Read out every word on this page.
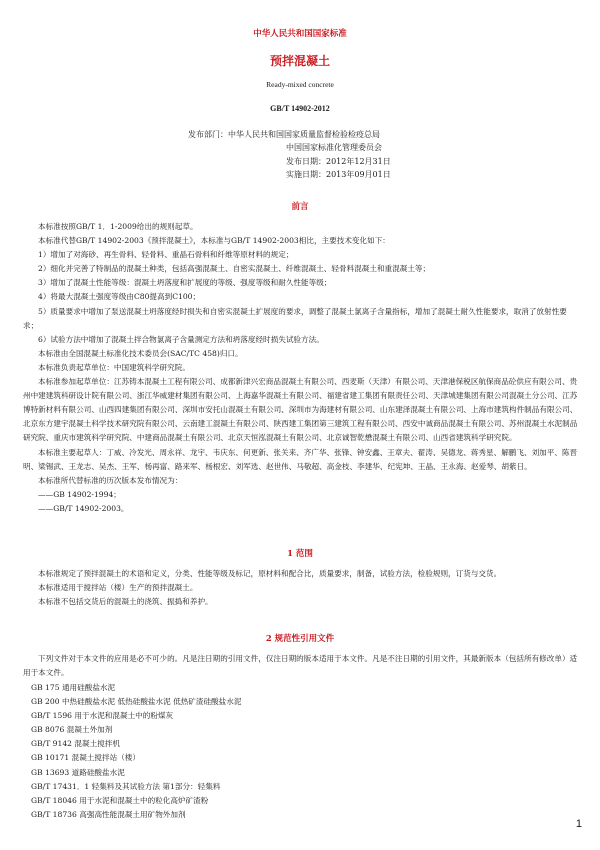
中华人民共和国国家标准
预拌混凝土
Ready-mixed concrete
GB/T 14902-2012
发布部门：中华人民共和国国家质量监督检验检疫总局
中国国家标准化管理委员会
发布日期：2012年12月31日
实施日期：2013年09月01日
前言

本标准按照GB/T 1．1-2009给出的规则起草。

本标准代替GB/T 14902-2003《预拌混凝土》，本标准与GB/T 14902-2003相比，主要技术变化如下：

1）增加了对海砂、再生骨料、轻骨料、重晶石骨料和纤维等原材料的规定；

2）细化并完善了特制品的混凝土种类，包括高强混凝土、自密实混凝土、纤维混凝土、轻骨料混凝土和重混凝土等；

3）增加了混凝土性能等级：混凝土坍落度和扩展度的等级、强度等级和耐久性能等级；

4）将最大混凝土强度等级由C80提高到C100；

5）质量要求中增加了泵送混凝土坍落度经时损失和自密实混凝土扩展度的要求，调整了混凝土氯离子含量指标，增加了混凝土耐久性能要求，取消了放射性要求；

6）试验方法中增加了混凝土拌合物氯离子含量测定方法和坍落度经时损失试验方法。

本标准由全国混凝土标准化技术委员会(SAC/TC 458)归口。

本标准负责起草单位：中国建筑科学研究院。

本标准参加起草单位：江苏铸本混凝土工程有限公司、成都新津兴宏商品混凝土有限公司、西麦斯（天津）有限公司、天津港保税区航保商品砼供应有限公司、贵州中建建筑科研设计院有限公司、浙江华威建材集团有限公司、上海嘉华混凝土有限公司、福建省建工集团有限责任公司、天津城建集团有限公司混凝土分公司、江苏博特新材料有限公司、山西四建集团有限公司、深圳市安托山混凝土有限公司、深圳市为海建材有限公司、山东建泽混凝土有限公司、上海市建筑构件制品有限公司、北京东方建宇混凝土科学技术研究院有限公司、云南建工混凝土有限公司、陕西建工集团第三建筑工程有限公司、西安中诚商品混凝土有限公司、苏州混凝土水泥制品研究院、重庆市建筑科学研究院、中建商品混凝土有限公司、北京天恒泓混凝土有限公司、北京诚智乾懋混凝土有限公司、山西省建筑科学研究院。

本标准主要起草人：丁威、冷发光、周永祥、龙宇、韦庆东、何更新、张关来、齐广华、张锋、钟安鑫、王章夫、翟涛、吴德龙、蒋秀星、解鹏飞、刘加平、陈晋明、梁锡武、王龙志、吴杰、王军、杨再富、路来军、杨根宏、刘军选、赵世伟、马敬超、高金枝、李建华、纪宪坤、王晶、王永海、赵爱琴、胡紫日。

本标准所代替标准的历次版本发布情况为：

——GB 14902-1994；

——GB/T 14902-2003。

1 范围

本标准规定了预拌混凝土的术语和定义，分类、性能等级及标记，原材料和配合比，质量要求，制备，试验方法，检验规则，订货与交货。

本标准适用于搅拌站（楼）生产的预拌混凝土。

本标准不包括交货后的混凝土的浇筑、振捣和养护。

2 规范性引用文件

下列文件对于本文件的应用是必不可少的。凡是注日期的引用文件，仅注日期的版本适用于本文件。凡是不注日期的引用文件，其最新版本（包括所有修改单）适用于本文件。

GB 175 通用硅酸盐水泥

GB 200 中热硅酸盐水泥 低热硅酸盐水泥 低热矿渣硅酸盐水泥

GB/T 1596 用于水泥和混凝土中的粉煤灰

GB 8076 混凝土外加剂

GB/T 9142 混凝土搅拌机

GB 10171 混凝土搅拌站（楼）

GB 13693 道路硅酸盐水泥

GB/T 17431．1 轻集料及其试验方法 第1部分：轻集料

GB/T 18046 用于水泥和混凝土中的粒化高炉矿渣粉

GB/T 18736 高强高性能混凝土用矿物外加剂

1
